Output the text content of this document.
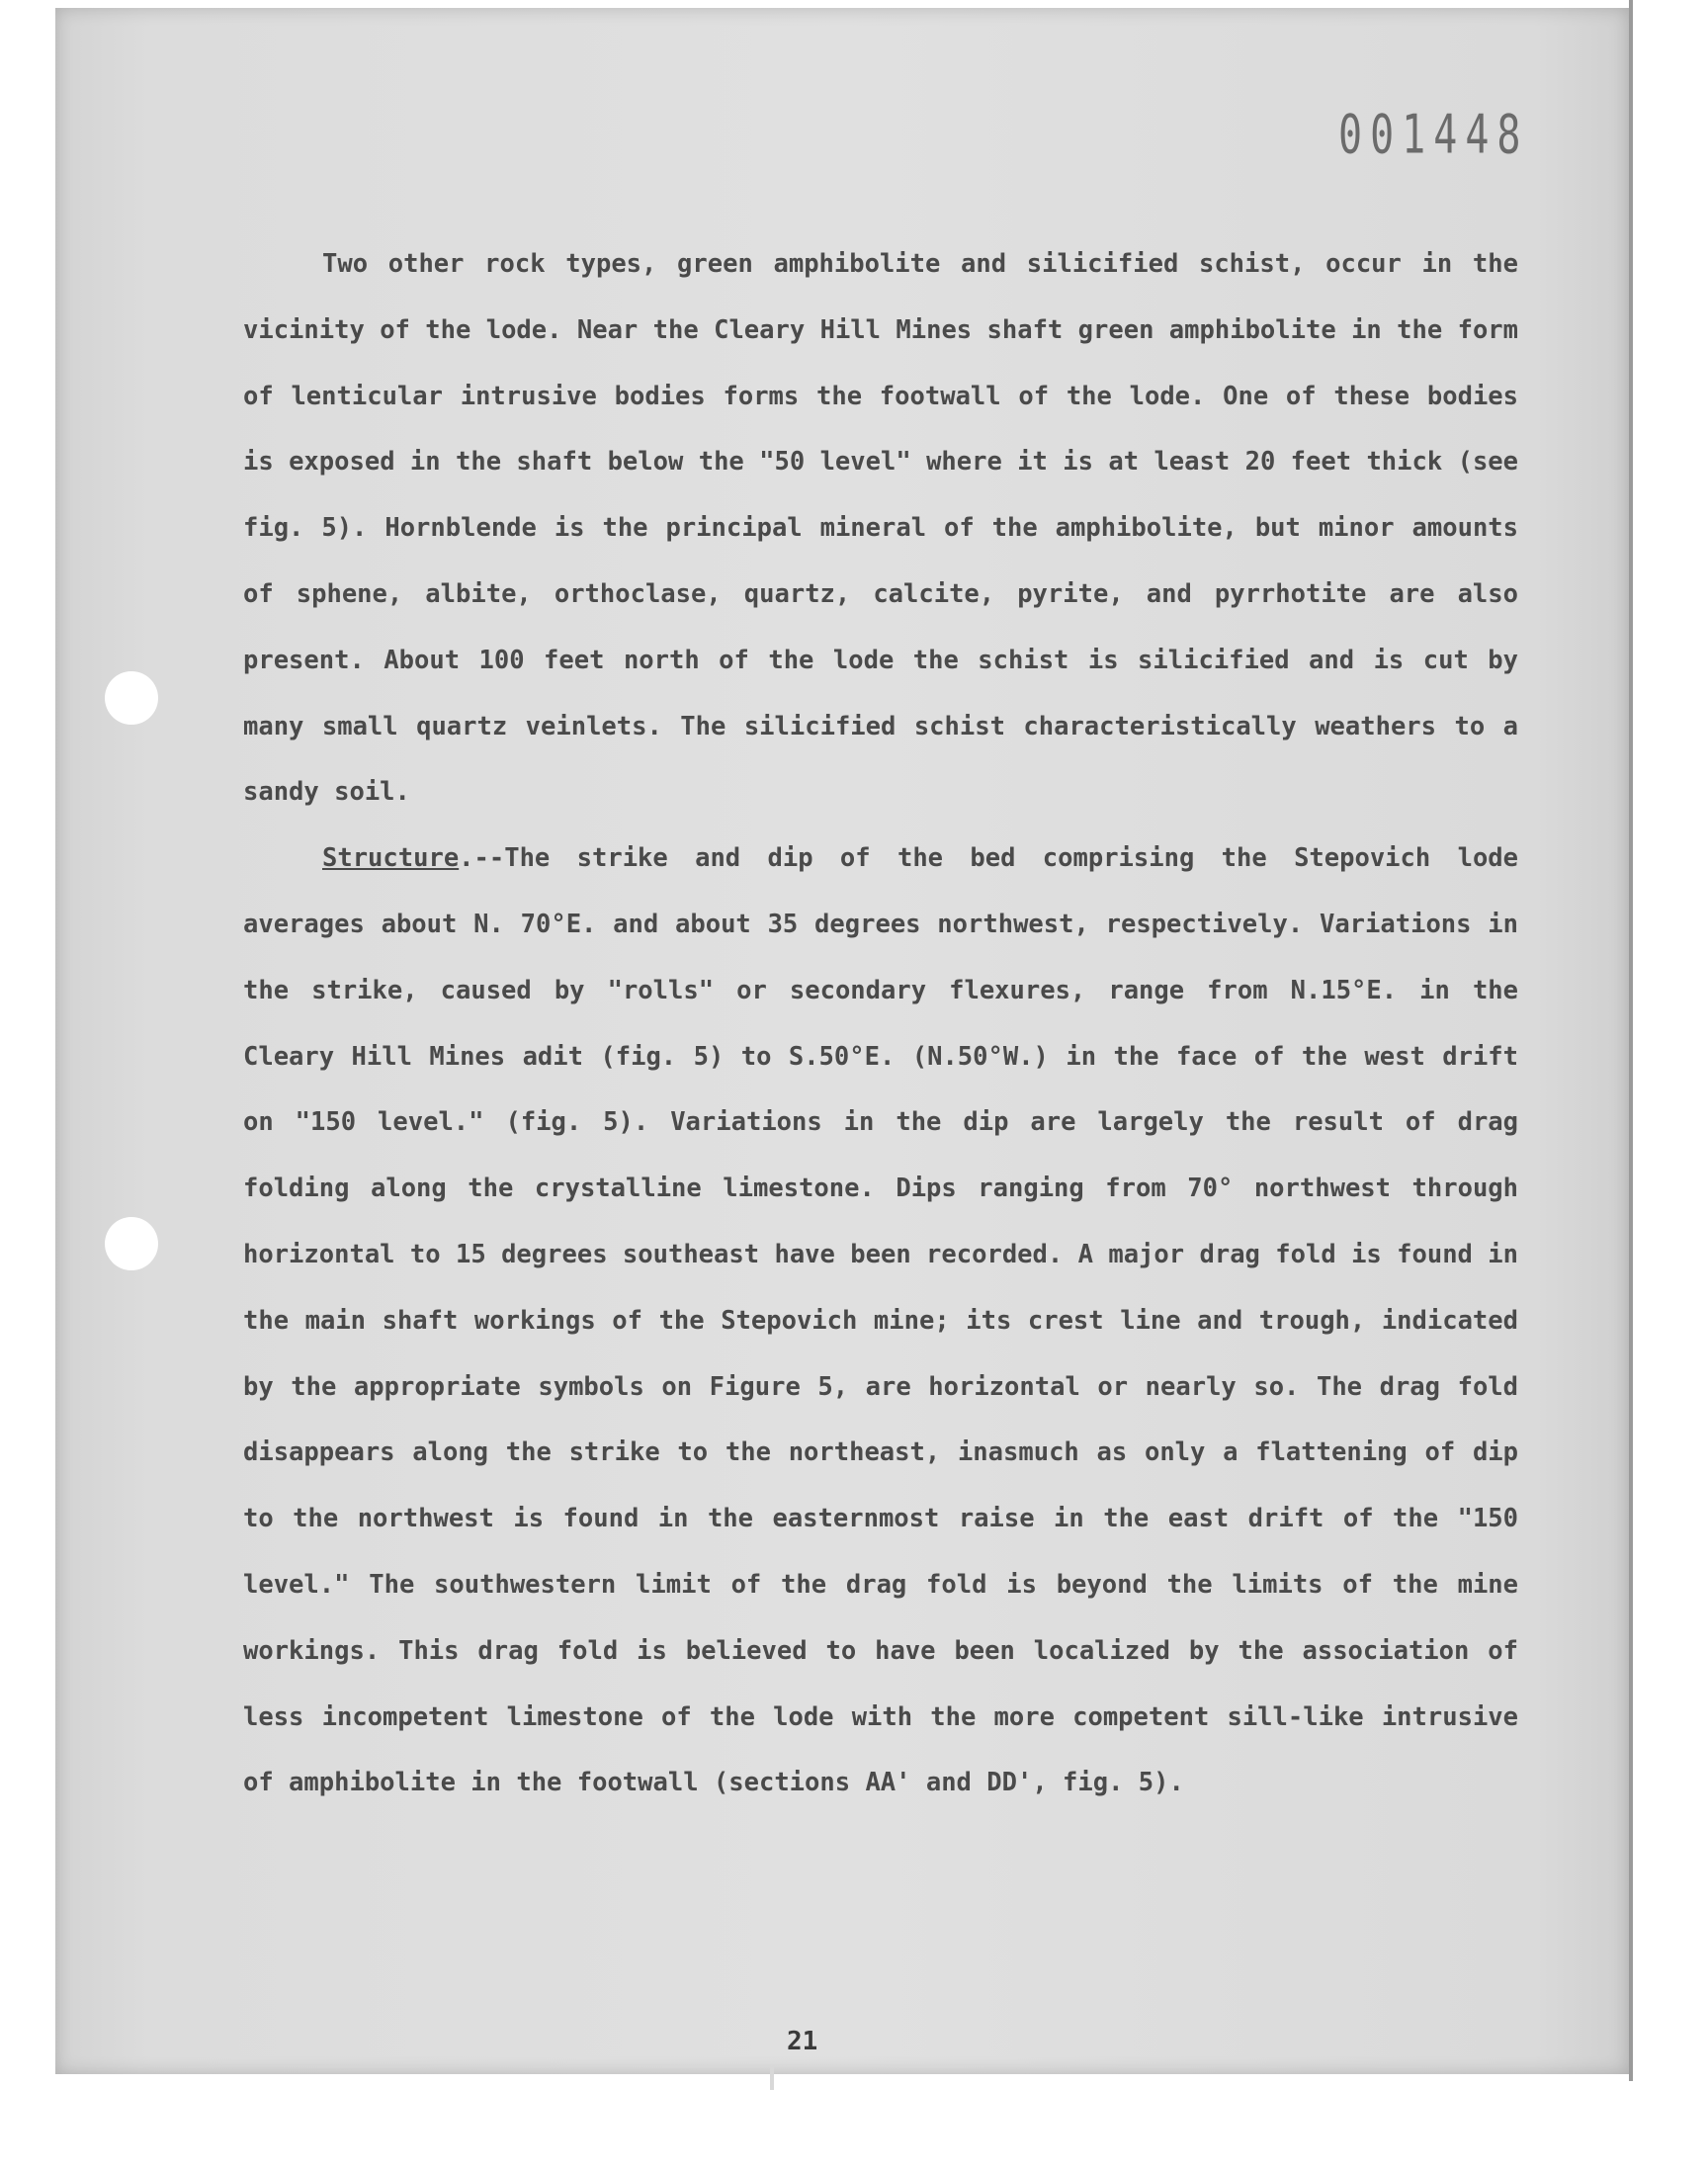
001448

Two other rock types, green amphibolite and silicified schist, occur in the vicinity of the lode. Near the Cleary Hill Mines shaft green amphibolite in the form of lenticular intrusive bodies forms the footwall of the lode. One of these bodies is exposed in the shaft below the "50 level" where it is at least 20 feet thick (see fig. 5). Hornblende is the principal mineral of the amphibolite, but minor amounts of sphene, albite, orthoclase, quartz, calcite, pyrite, and pyrrhotite are also present. About 100 feet north of the lode the schist is silicified and is cut by many small quartz veinlets. The silicified schist characteristically weathers to a sandy soil.

Structure.--The strike and dip of the bed comprising the Stepovich lode averages about N. 70°E. and about 35 degrees northwest, respectively. Variations in the strike, caused by "rolls" or secondary flexures, range from N.15°E. in the Cleary Hill Mines adit (fig. 5) to S.50°E. (N.50°W.) in the face of the west drift on "150 level." (fig. 5). Variations in the dip are largely the result of drag folding along the crystalline limestone. Dips ranging from 70° northwest through horizontal to 15 degrees southeast have been recorded. A major drag fold is found in the main shaft workings of the Stepovich mine; its crest line and trough, indicated by the appropriate symbols on Figure 5, are horizontal or nearly so. The drag fold disappears along the strike to the northeast, inasmuch as only a flattening of dip to the northwest is found in the easternmost raise in the east drift of the "150 level." The southwestern limit of the drag fold is beyond the limits of the mine workings. This drag fold is believed to have been localized by the association of less incompetent limestone of the lode with the more competent sill-like intrusive of amphibolite in the footwall (sections AA' and DD', fig. 5).

21
